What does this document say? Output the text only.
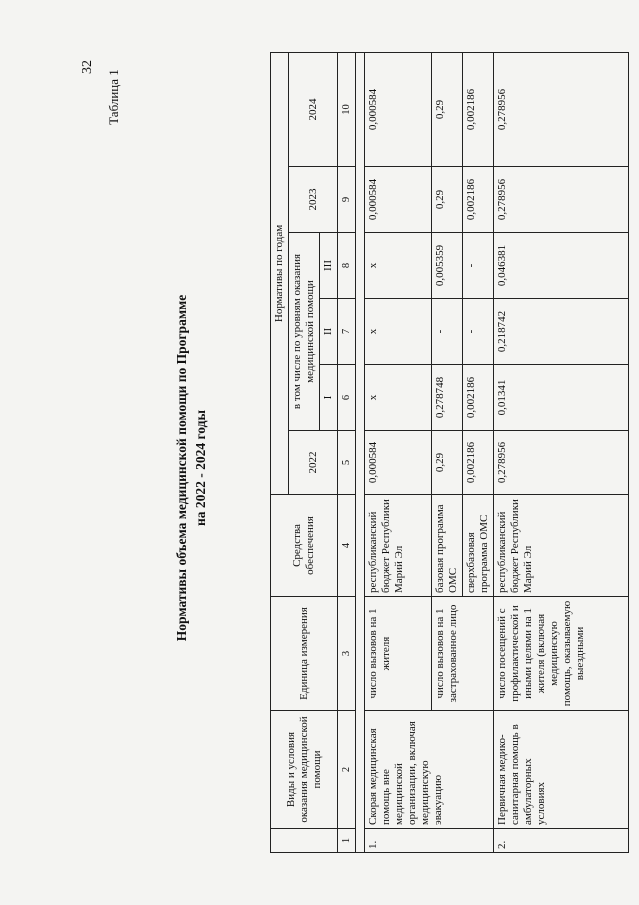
32
Таблица 1
Нормативы объема медицинской помощи по Программе на 2022 - 2024 годы
	Виды и условия оказания медицинской помощи	Единица измерения	Средства обеспечения	Нормативы по годам					
				2022	в том числе по уровням оказания медицинской помощи			2023	2024
					I	II	III		
1	2	3	4	5	6	7	8	9	10

1.	Скорая медицинская помощь вне медицинской организации, включая медицинскую эвакуацию	число вызовов на 1 жителя	республиканский бюджет Республики Марий Эл	0,000584	x	x	x	0,000584	0,000584
		число вызовов на 1 застрахованное лицо	базовая программа ОМС	0,29	0,278748	-	0,005359	0,29	0,29
			сверхбазовая программа ОМС	0,002186	0,002186	-	-	0,002186	0,002186
2.	Первичная медико-санитарная помощь в амбулаторных условиях	число посещений с профилактической и иными целями на 1 жителя (включая медицинскую помощь, оказываемую выездными	республиканский бюджет Республики Марий Эл	0,278956	0,01341	0,218742	0,046381	0,278956	0,278956
